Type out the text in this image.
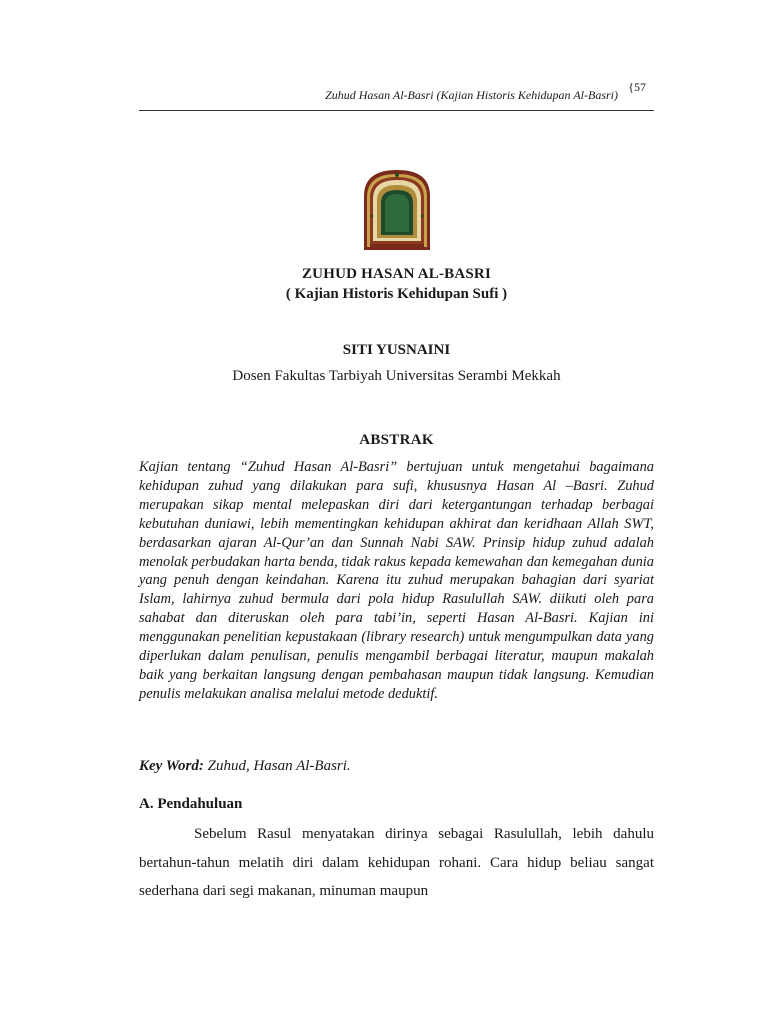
Zuhud Hasan Al-Basri (Kajian Historis Kehidupan Al-Basri)
{57
ZUHUD HASAN AL-BASRI
( Kajian Historis Kehidupan Sufi )
SITI YUSNAINI
Dosen Fakultas Tarbiyah Universitas Serambi Mekkah
ABSTRAK

Kajian tentang “Zuhud Hasan Al-Basri” bertujuan untuk mengetahui bagaimana kehidupan zuhud yang dilakukan para sufi, khususnya Hasan Al –Basri. Zuhud merupakan sikap mental melepaskan diri dari ketergantungan terhadap berbagai kebutuhan duniawi, lebih mementingkan kehidupan akhirat dan keridhaan Allah SWT, berdasarkan ajaran Al-Qur’an dan Sunnah Nabi SAW. Prinsip hidup zuhud adalah menolak perbudakan harta benda, tidak rakus kepada kemewahan dan kemegahan dunia yang penuh dengan keindahan. Karena itu zuhud merupakan bahagian dari syariat Islam, lahirnya zuhud bermula dari pola hidup Rasulullah SAW. diikuti oleh para sahabat dan diteruskan oleh para tabi’in, seperti Hasan Al-Basri. Kajian ini menggunakan penelitian kepustakaan (library research) untuk mengumpulkan data yang diperlukan dalam penulisan, penulis mengambil berbagai literatur, maupun makalah baik yang berkaitan langsung dengan pembahasan maupun tidak langsung. Kemudian penulis melakukan analisa melalui metode deduktif.

Key Word: Zuhud, Hasan Al-Basri.

A. Pendahuluan

Sebelum Rasul menyatakan dirinya sebagai Rasulullah, lebih dahulu bertahun-tahun melatih diri dalam kehidupan rohani. Cara hidup beliau sangat sederhana dari segi makanan, minuman maupun
